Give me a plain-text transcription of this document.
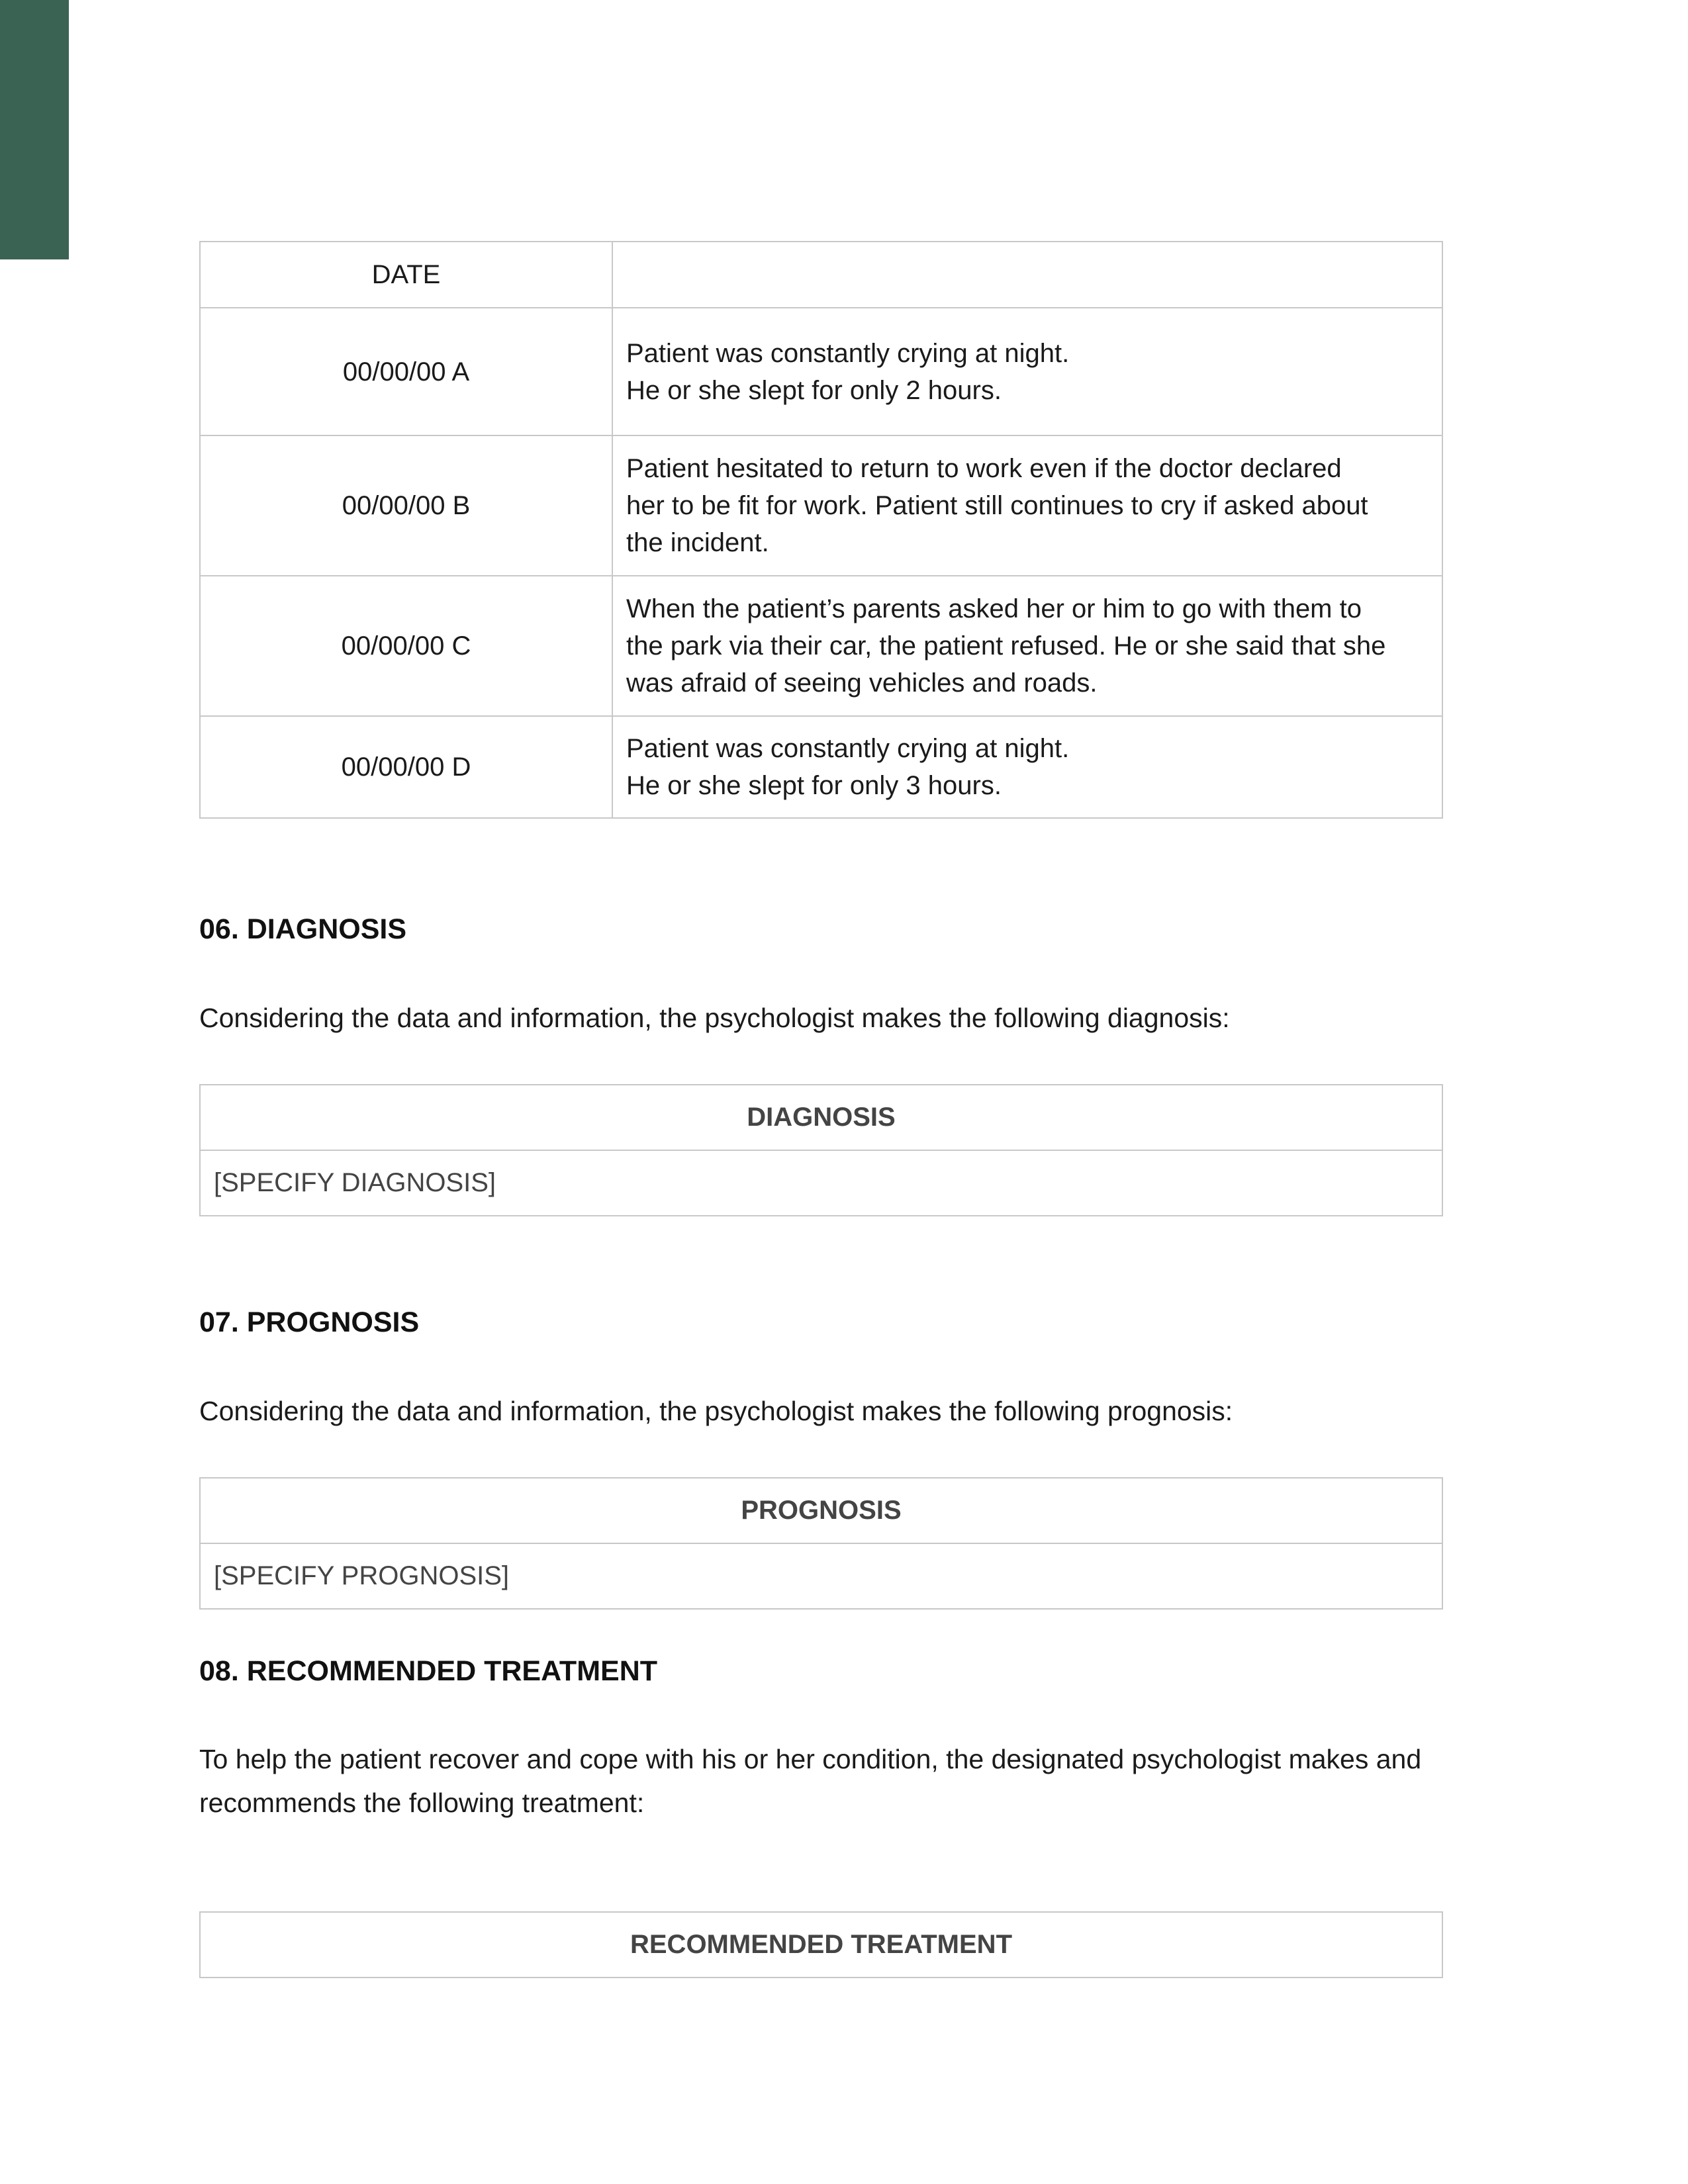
DATE	
00/00/00 A	Patient was constantly crying at night.
He or she slept for only 2 hours.

00/00/00 B	Patient hesitated to return to work even if the doctor declared
her to be fit for work. Patient still continues to cry if asked about
the incident.

00/00/00 C	When the patient’s parents asked her or him to go with them to
the park via their car, the patient refused. He or she said that she
was afraid of seeing vehicles and roads.

00/00/00 D	Patient was constantly crying at night.
He or she slept for only 3 hours.
06. DIAGNOSIS

Considering the data and information, the psychologist makes the following diagnosis:

DIAGNOSIS
[SPECIFY DIAGNOSIS]
07. PROGNOSIS

Considering the data and information, the psychologist makes the following prognosis:

PROGNOSIS
[SPECIFY PROGNOSIS]
08. RECOMMENDED TREATMENT
To help the patient recover and cope with his or her condition, the designated psychologist makes and
recommends the following treatment:
RECOMMENDED TREATMENT
